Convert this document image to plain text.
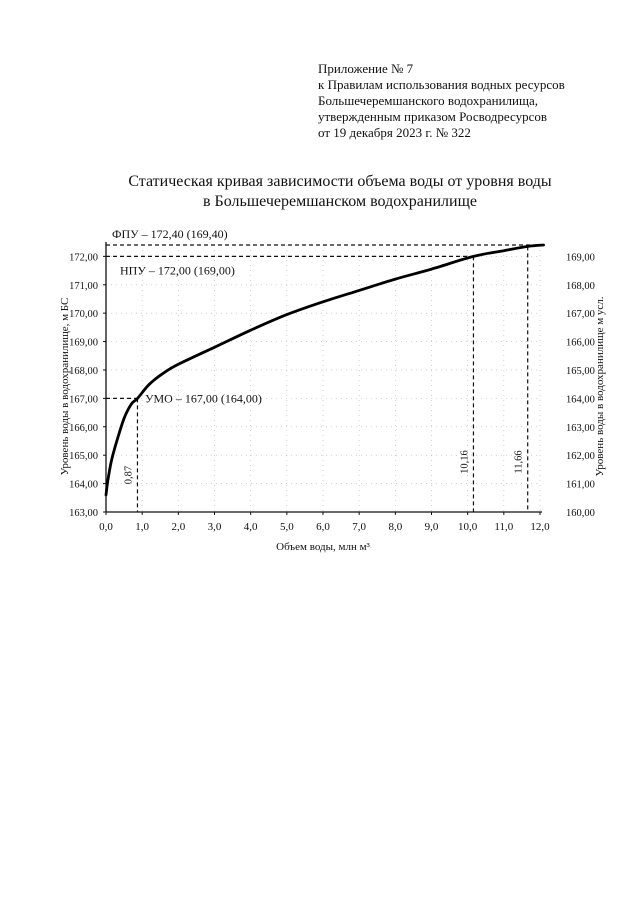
Приложение № 7
к Правилам использования водных ресурсов
Большечеремшанского водохранилища,
утвержденным приказом Росводресурсов
от 19 декабря 2023 г. № 322
Статическая кривая зависимости объема воды от уровня воды
в Большечеремшанском водохранилище
0,0 1,0 2,0 3,0 4,0 5,0 6,0 7,0 8,0 9,0 10,0 11,0 12,0
163,00
164,00
165,00
166,00
167,00
168,00
169,00
170,00
171,00
172,00
160,00
161,00
162,00
163,00
164,00
165,00
166,00
167,00
168,00
169,00
Объем воды, млн м³
Уровень воды в водохранилище, м БС	Уровень воды в водохранилище м усл.
ФПУ – 172,40 (169,40)
11,66
НПУ – 172,00 (169,00)
10,16
УМО – 167,00 (164,00)
0,87
